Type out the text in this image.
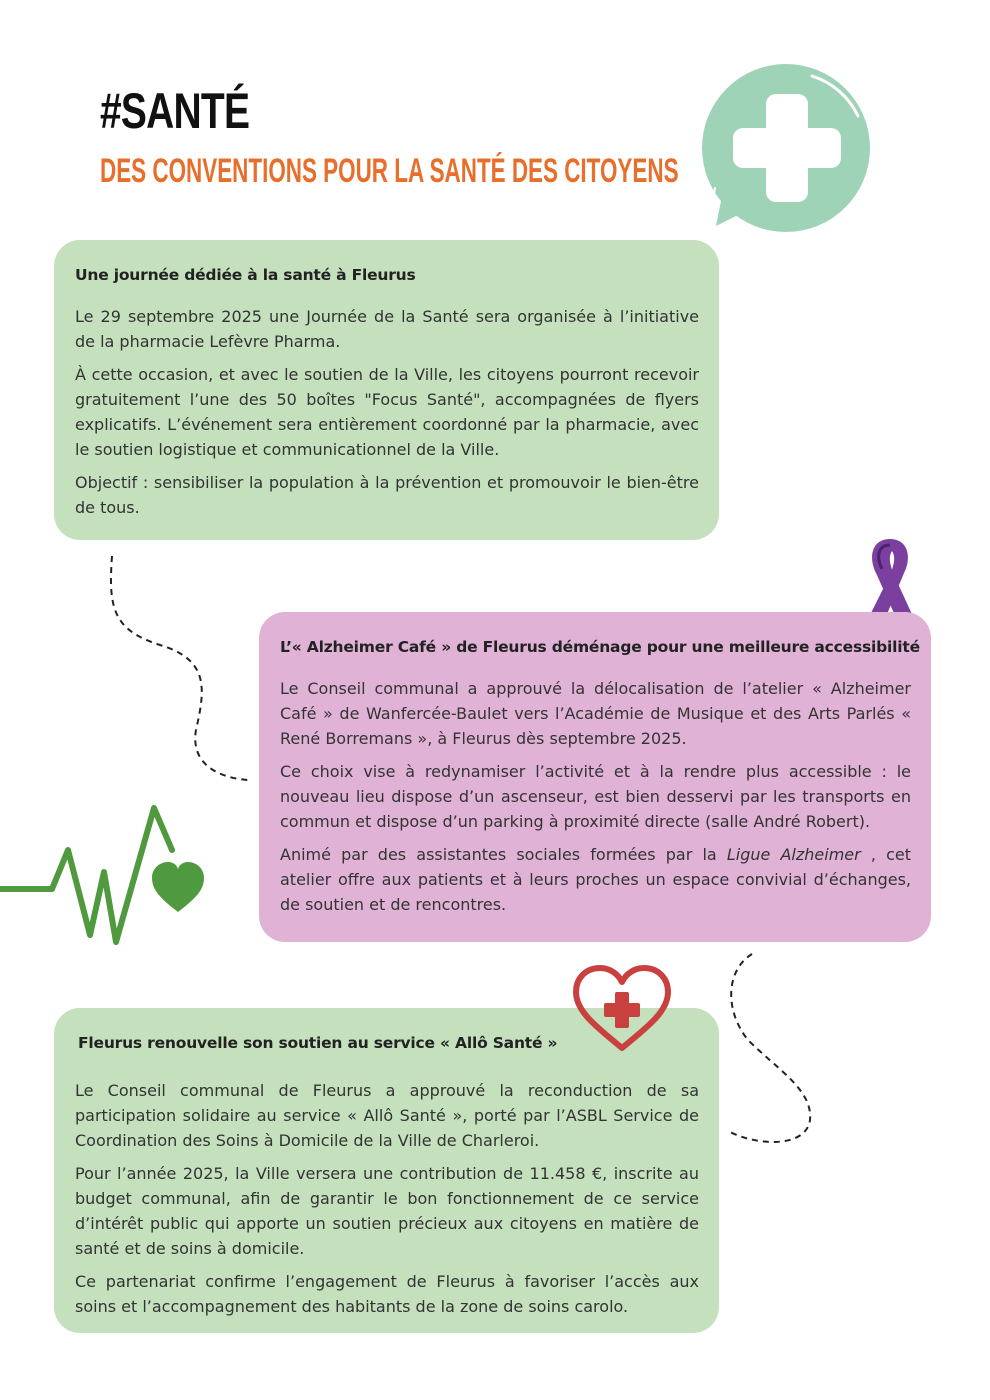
#SANTÉ
DES CONVENTIONS POUR LA SANTÉ DES CITOYENS
Une journée dédiée à la santé à Fleurus

Le 29 septembre 2025 une Journée de la Santé sera organisée à l’initiative de la pharmacie Lefèvre Pharma.

À cette occasion, et avec le soutien de la Ville, les citoyens pourront recevoir gratuitement l’une des 50 boîtes "Focus Santé", accompagnées de flyers explicatifs. L’événement sera entièrement coordonné par la pharmacie, avec le soutien logistique et communicationnel de la Ville.

Objectif : sensibiliser la population à la prévention et promouvoir le bien-être de tous.

L’« Alzheimer Café » de Fleurus déménage pour une meilleure accessibilité

Le Conseil communal a approuvé la délocalisation de l’atelier « Alzheimer Café » de Wanfercée-Baulet vers l’Académie de Musique et des Arts Parlés « René Borremans », à Fleurus dès septembre 2025.

Ce choix vise à redynamiser l’activité et à la rendre plus accessible : le nouveau lieu dispose d’un ascenseur, est bien desservi par les transports en commun et dispose d’un parking à proximité directe (salle André Robert).

Animé par des assistantes sociales formées par la Ligue Alzheimer , cet atelier offre aux patients et à leurs proches un espace convivial d’échanges, de soutien et de rencontres.

Fleurus renouvelle son soutien au service « Allô Santé »

Le Conseil communal de Fleurus a approuvé la reconduction de sa participation solidaire au service « Allô Santé », porté par l’ASBL Service de Coordination des Soins à Domicile de la Ville de Charleroi.

Pour l’année 2025, la Ville versera une contribution de 11.458 €, inscrite au budget communal, afin de garantir le bon fonctionnement de ce service d’intérêt public qui apporte un soutien précieux aux citoyens en matière de santé et de soins à domicile.

Ce partenariat confirme l’engagement de Fleurus à favoriser l’accès aux soins et l’accompagnement des habitants de la zone de soins carolo.
